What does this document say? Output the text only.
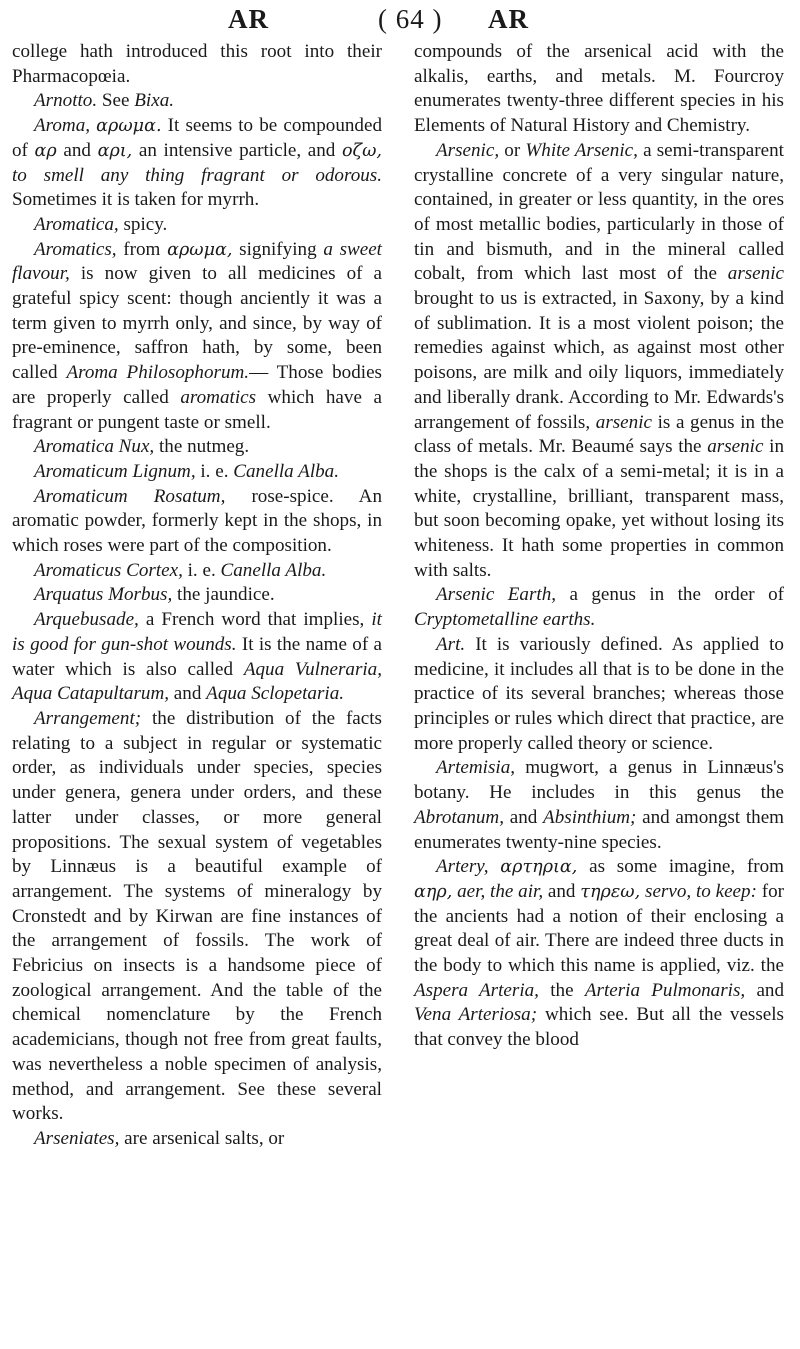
AR	( 64 ) AR

college hath introduced this root into their Pharmacopœia.

Arnotto. See Bixa.

Aroma, αρωμα. It seems to be compounded of αρ and αρι, an intensive particle, and οζω, to smell any thing fragrant or odorous. Sometimes it is taken for myrrh.

Aromatica, spicy.

Aromatics, from αρωμα, signifying a sweet flavour, is now given to all medicines of a grateful spicy scent: though anciently it was a term given to myrrh only, and since, by way of pre-eminence, saffron hath, by some, been called Aroma Philosophorum.— Those bodies are properly called aromatics which have a fragrant or pungent taste or smell.

Aromatica Nux, the nutmeg.

Aromaticum Lignum, i. e. Canella Alba.

Aromaticum Rosatum, rose-spice. An aromatic powder, formerly kept in the shops, in which roses were part of the composition.

Aromaticus Cortex, i. e. Canella Alba.

Arquatus Morbus, the jaundice.

Arquebusade, a French word that implies, it is good for gun-shot wounds. It is the name of a water which is also called Aqua Vulneraria, Aqua Catapultarum, and Aqua Sclopetaria.

Arrangement; the distribution of the facts relating to a subject in regular or systematic order, as individuals under species, species under genera, genera under orders, and these latter under classes, or more general propositions. The sexual system of vegetables by Linnæus is a beautiful example of arrangement. The systems of mineralogy by Cronstedt and by Kirwan are fine instances of the arrangement of fossils. The work of Febricius on insects is a handsome piece of zoological arrangement. And the table of the chemical nomenclature by the French academicians, though not free from great faults, was nevertheless a noble specimen of analysis, method, and arrangement. See these several works.

Arseniates, are arsenical salts, or

compounds of the arsenical acid with the alkalis, earths, and metals. M. Fourcroy enumerates twenty-three different species in his Elements of Natural History and Chemistry.

Arsenic, or White Arsenic, a semi-transparent crystalline concrete of a very singular nature, contained, in greater or less quantity, in the ores of most metallic bodies, particularly in those of tin and bismuth, and in the mineral called cobalt, from which last most of the arsenic brought to us is extracted, in Saxony, by a kind of sublimation. It is a most violent poison; the remedies against which, as against most other poisons, are milk and oily liquors, immediately and liberally drank. According to Mr. Edwards's arrangement of fossils, arsenic is a genus in the class of metals. Mr. Beaumé says the arsenic in the shops is the calx of a semi-metal; it is in a white, crystalline, brilliant, transparent mass, but soon becoming opake, yet without losing its whiteness. It hath some properties in common with salts.

Arsenic Earth, a genus in the order of Cryptometalline earths.

Art. It is variously defined. As applied to medicine, it includes all that is to be done in the practice of its several branches; whereas those principles or rules which direct that practice, are more properly called theory or science.

Artemisia, mugwort, a genus in Linnæus's botany. He includes in this genus the Abrotanum, and Absinthium; and amongst them enumerates twenty-nine species.

Artery, αρτηρια, as some imagine, from αηρ, aer, the air, and τηρεω, servo, to keep: for the ancients had a notion of their enclosing a great deal of air. There are indeed three ducts in the body to which this name is applied, viz. the Aspera Arteria, the Arteria Pulmonaris, and Vena Arteriosa; which see. But all the vessels that convey the blood
